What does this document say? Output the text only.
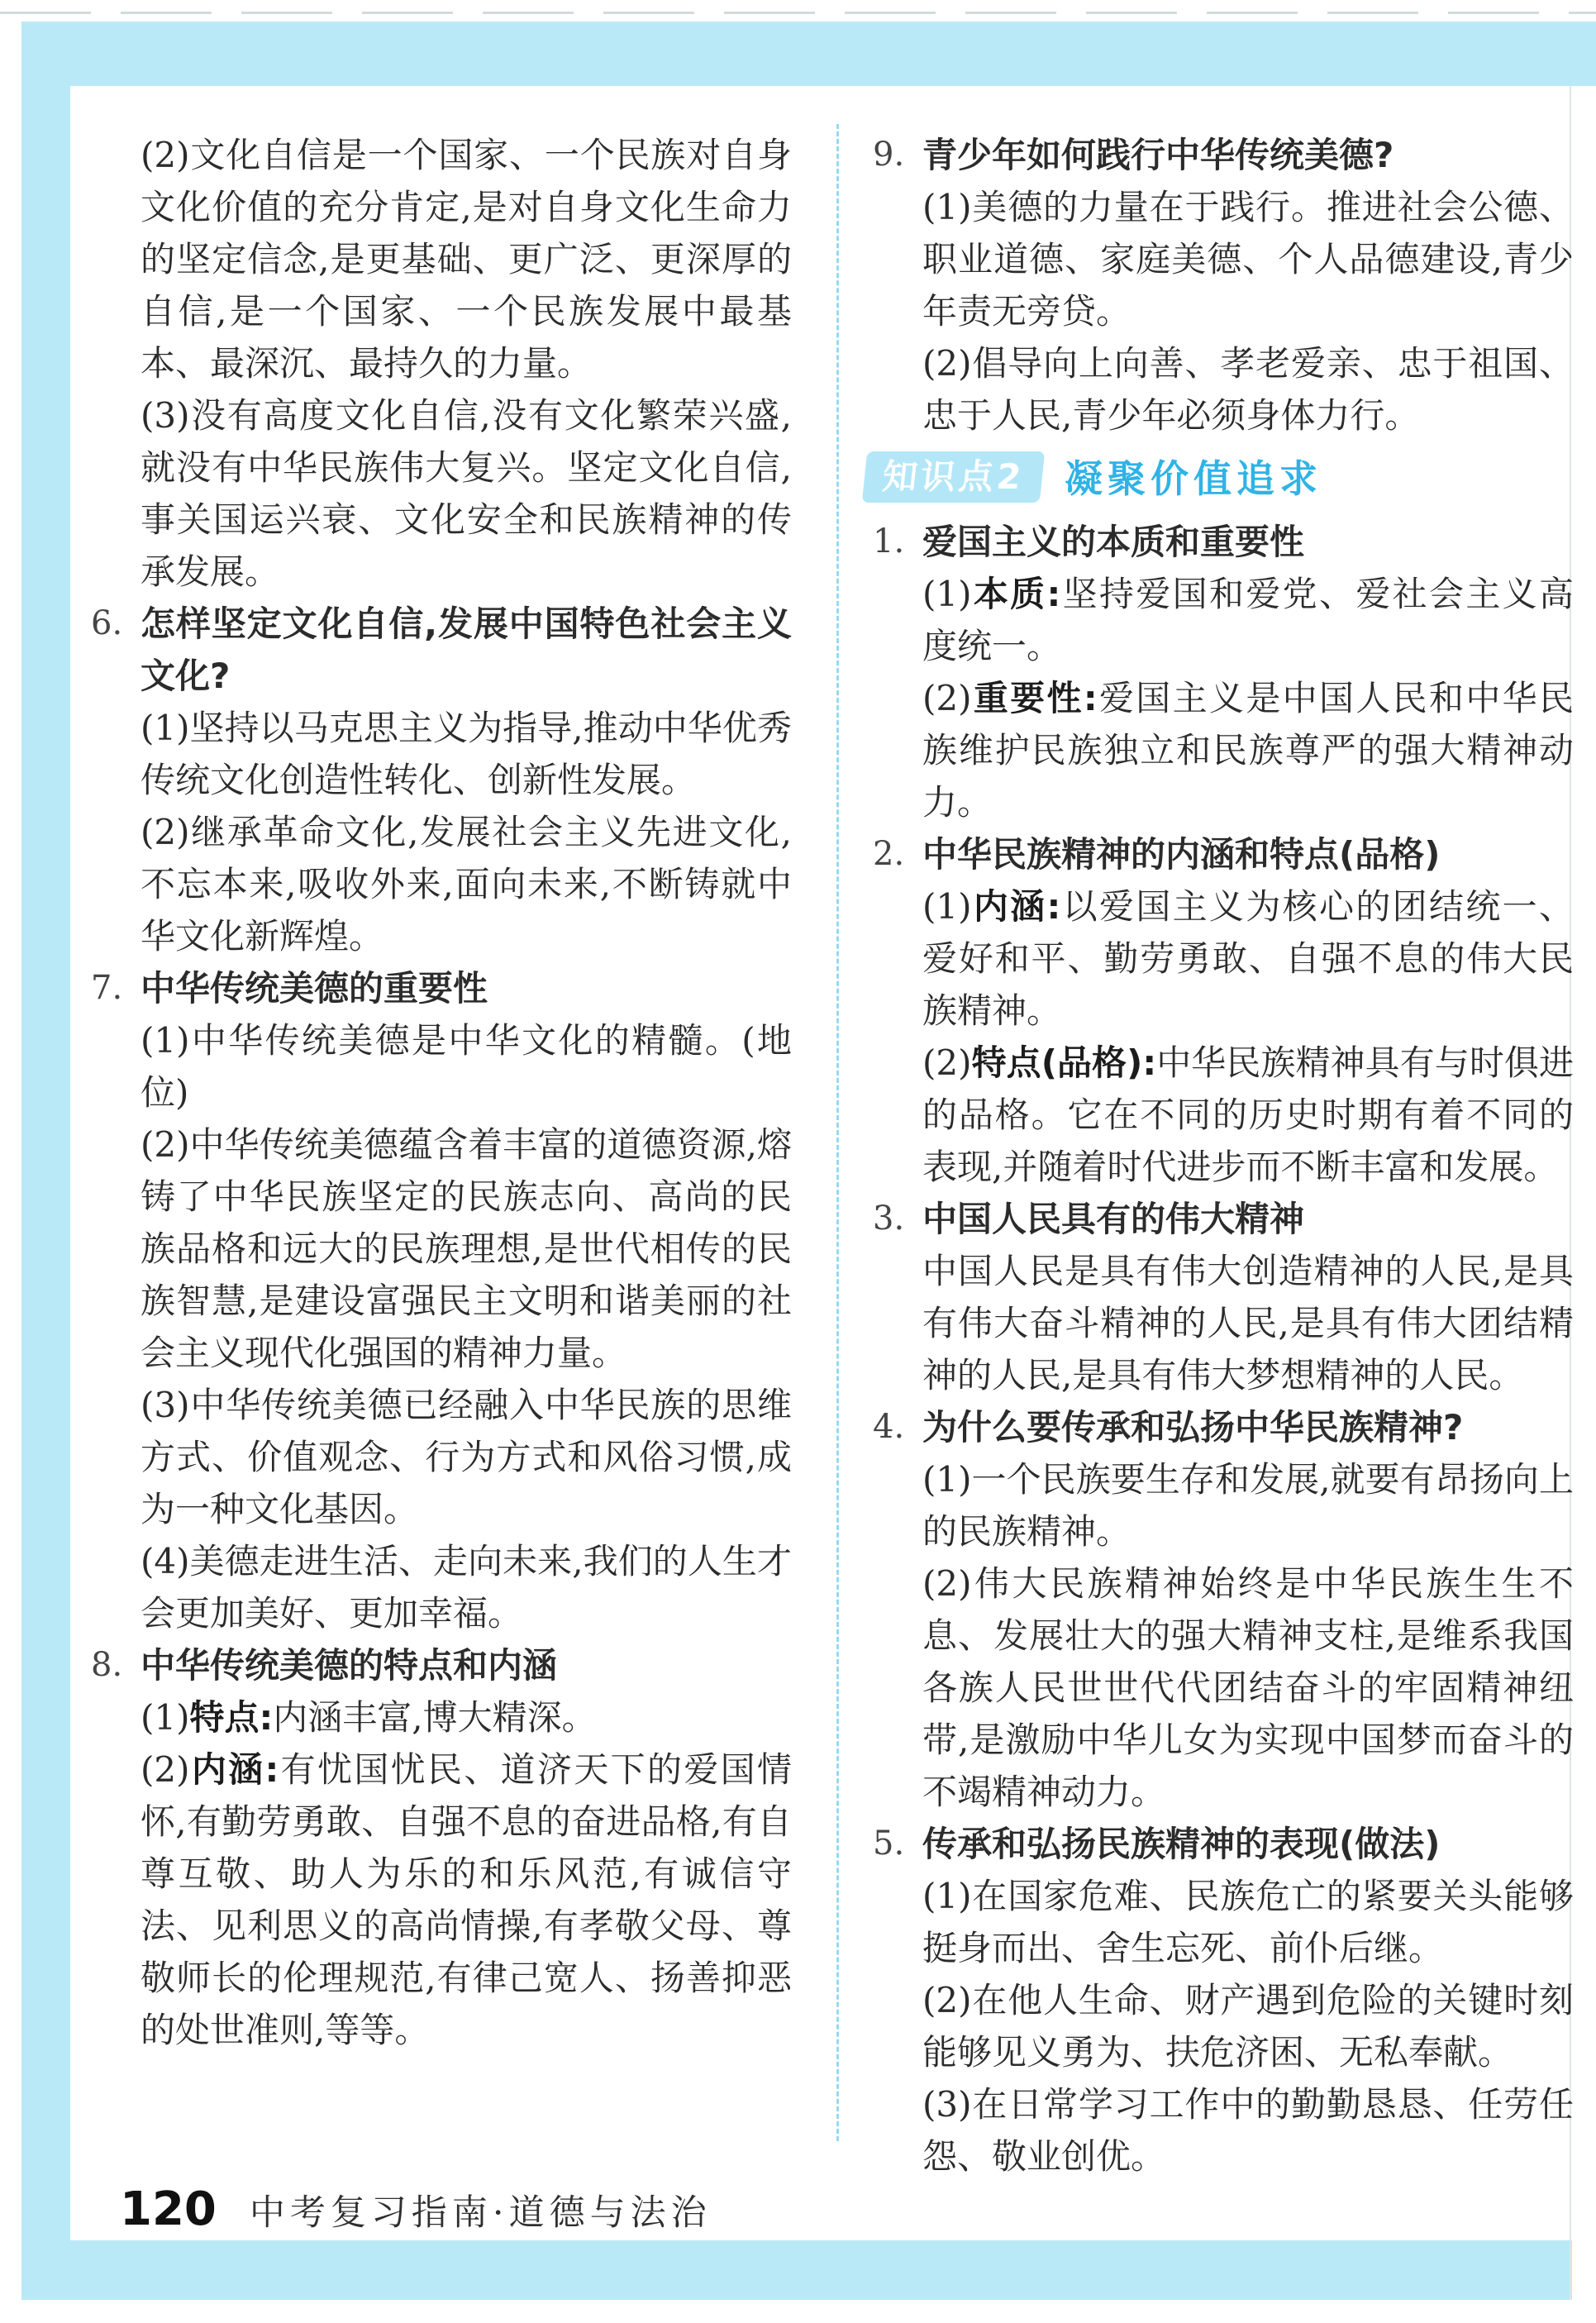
(2)文化自信是一个国家、一个民族对自身文化价值的充分肯定,是对自身文化生命力的坚定信念,是更基础、更广泛、更深厚的自信,是一个国家、一个民族发展中最基本、最深沉、最持久的力量。

(3)没有高度文化自信,没有文化繁荣兴盛,就没有中华民族伟大复兴。坚定文化自信,事关国运兴衰、文化安全和民族精神的传承发展。

6. 怎样坚定文化自信,发展中国特色社会主义文化?

(1)坚持以马克思主义为指导,推动中华优秀传统文化创造性转化、创新性发展。

(2)继承革命文化,发展社会主义先进文化,不忘本来,吸收外来,面向未来,不断铸就中华文化新辉煌。

7. 中华传统美德的重要性

(1)中华传统美德是中华文化的精髓。(地位)

(2)中华传统美德蕴含着丰富的道德资源,熔铸了中华民族坚定的民族志向、高尚的民族品格和远大的民族理想,是世代相传的民族智慧,是建设富强民主文明和谐美丽的社会主义现代化强国的精神力量。

(3)中华传统美德已经融入中华民族的思维方式、价值观念、行为方式和风俗习惯,成为一种文化基因。

(4)美德走进生活、走向未来,我们的人生才会更加美好、更加幸福。

8. 中华传统美德的特点和内涵

(1)特点:内涵丰富,博大精深。

(2)内涵:有忧国忧民、道济天下的爱国情怀,有勤劳勇敢、自强不息的奋进品格,有自尊互敬、助人为乐的和乐风范,有诚信守法、见利思义的高尚情操,有孝敬父母、尊敬师长的伦理规范,有律己宽人、扬善抑恶的处世准则,等等。

9. 青少年如何践行中华传统美德?

(1)美德的力量在于践行。推进社会公德、职业道德、家庭美德、个人品德建设,青少年责无旁贷。

(2)倡导向上向善、孝老爱亲、忠于祖国、忠于人民,青少年必须身体力行。

知识点2	凝聚价值追求
1. 爱国主义的本质和重要性

(1)本质:坚持爱国和爱党、爱社会主义高度统一。

(2)重要性:爱国主义是中国人民和中华民族维护民族独立和民族尊严的强大精神动力。

2. 中华民族精神的内涵和特点(品格)

(1)内涵:以爱国主义为核心的团结统一、爱好和平、勤劳勇敢、自强不息的伟大民族精神。

(2)特点(品格):中华民族精神具有与时俱进的品格。它在不同的历史时期有着不同的表现,并随着时代进步而不断丰富和发展。

3. 中国人民具有的伟大精神

中国人民是具有伟大创造精神的人民,是具有伟大奋斗精神的人民,是具有伟大团结精神的人民,是具有伟大梦想精神的人民。

4. 为什么要传承和弘扬中华民族精神?

(1)一个民族要生存和发展,就要有昂扬向上的民族精神。

(2)伟大民族精神始终是中华民族生生不息、发展壮大的强大精神支柱,是维系我国各族人民世世代代团结奋斗的牢固精神纽带,是激励中华儿女为实现中国梦而奋斗的不竭精神动力。

5. 传承和弘扬民族精神的表现(做法)

(1)在国家危难、民族危亡的紧要关头能够挺身而出、舍生忘死、前仆后继。

(2)在他人生命、财产遇到危险的关键时刻能够见义勇为、扶危济困、无私奉献。

(3)在日常学习工作中的勤勤恳恳、任劳任怨、敬业创优。

120 中考复习指南·道德与法治
